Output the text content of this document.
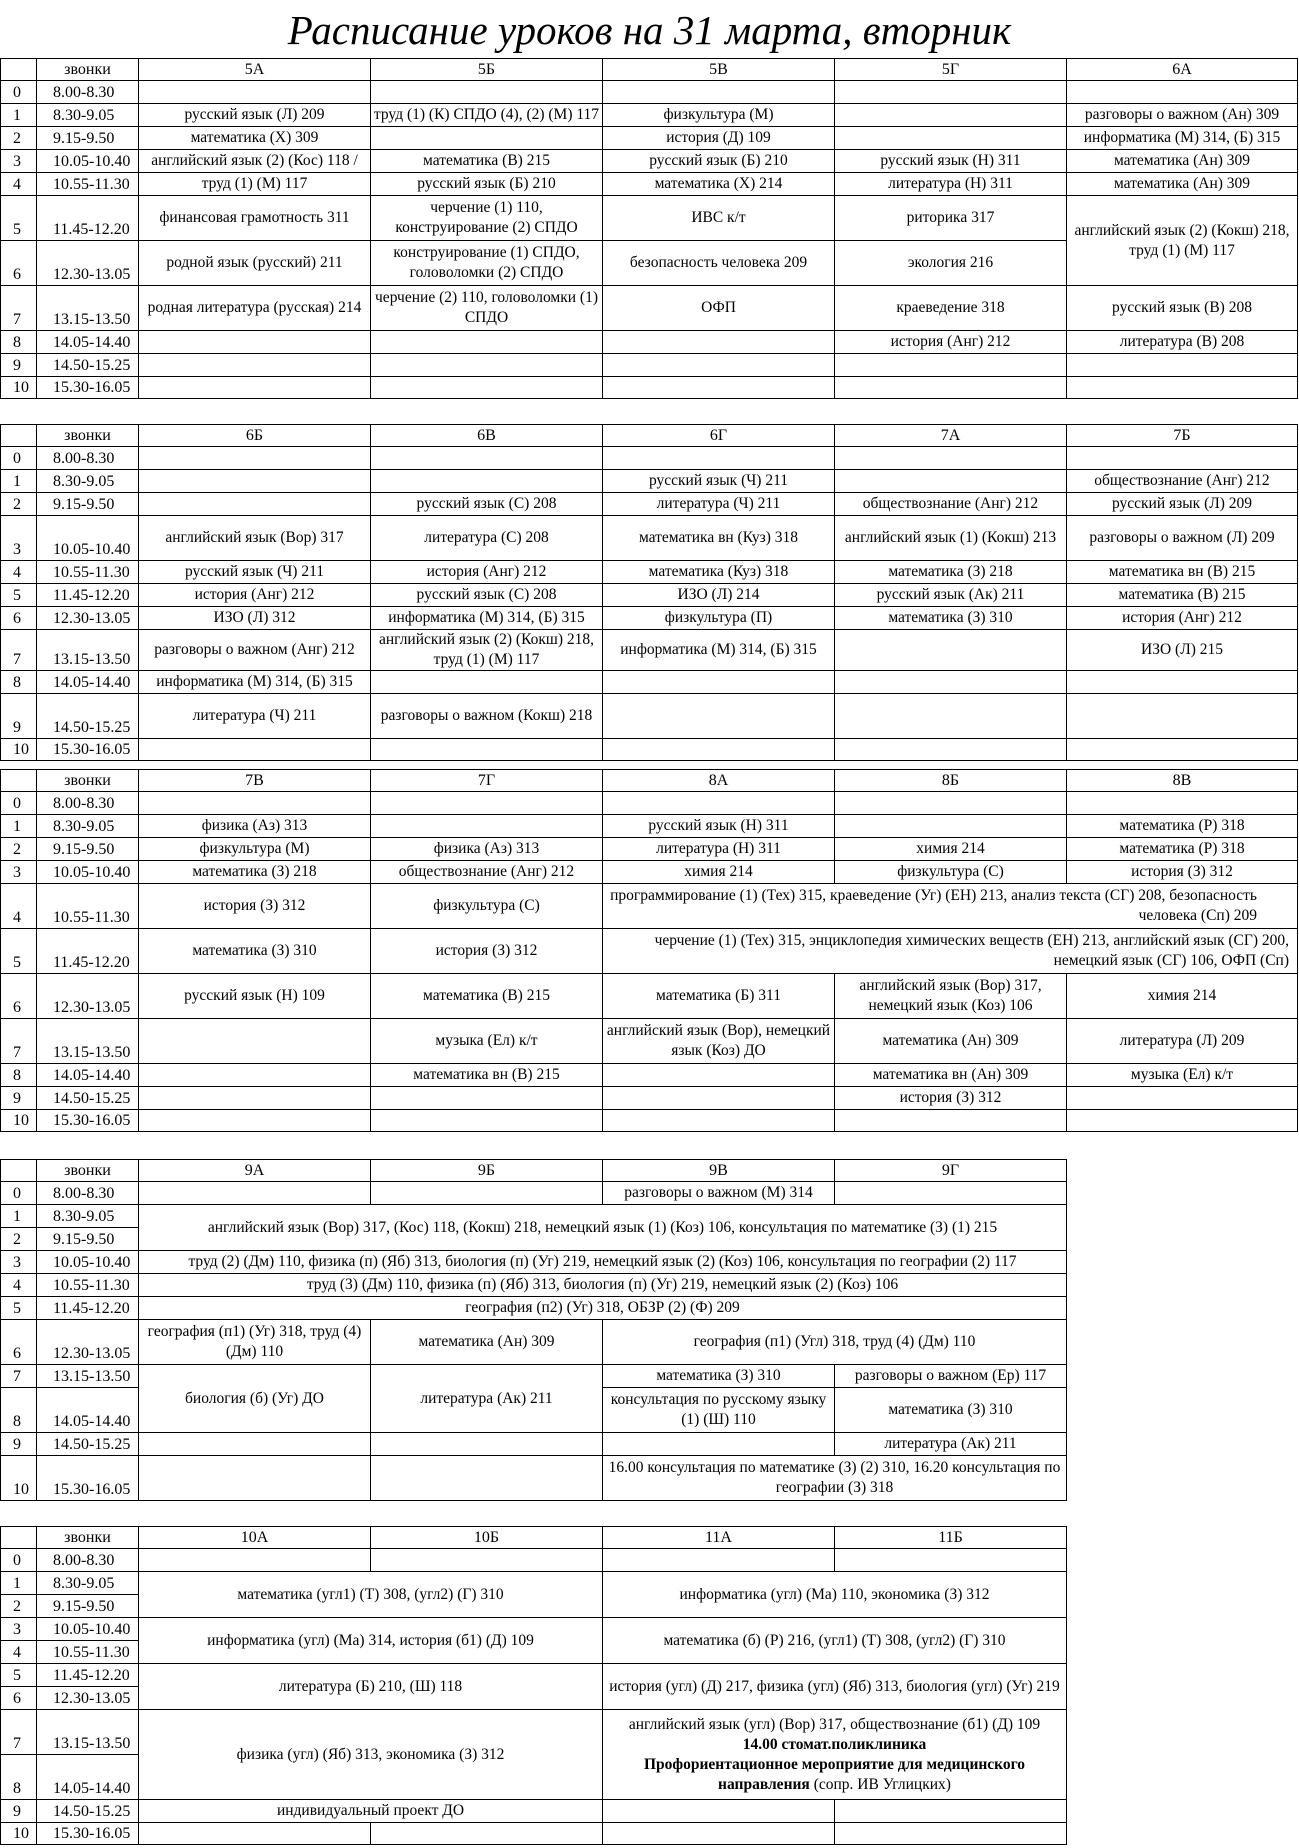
Расписание уроков на 31 марта, вторник
	звонки	5А	5Б	5В	5Г	6А
0	8.00-8.30					
1	8.30-9.05	русский язык (Л) 209	труд (1) (К) СПДО (4), (2) (М) 117	физкультура (М)		разговоры о важном (Ан) 309
2	9.15-9.50	математика (Х) 309		история (Д) 109		информатика (М) 314, (Б) 315
3	10.05-10.40	английский язык (2) (Кос) 118 /	математика (В) 215	русский язык (Б) 210	русский язык (Н) 311	математика (Ан) 309
4	10.55-11.30	труд (1) (М) 117	русский язык (Б) 210	математика (Х) 214	литература (Н) 311	математика (Ан) 309
5	11.45-12.20	финансовая грамотность 311	черчение (1) 110, конструирование (2) СПДО	ИВС к/т	риторика 317	английский язык (2) (Кокш) 218, труд (1) (М) 117
6	12.30-13.05	родной язык (русский) 211	конструирование (1) СПДО, головоломки (2) СПДО	безопасность человека 209	экология 216	
7	13.15-13.50	родная литература (русская) 214	черчение (2) 110, головоломки (1) СПДО	ОФП	краеведение 318	русский язык (В) 208
8	14.05-14.40				история (Анг) 212	литература (В) 208
9	14.50-15.25					
10	15.30-16.05					
	звонки	6Б	6В	6Г	7А	7Б
0	8.00-8.30					
1	8.30-9.05			русский язык (Ч) 211		обществознание (Анг) 212
2	9.15-9.50		русский язык (С) 208	литература (Ч) 211	обществознание (Анг) 212	русский язык (Л) 209
3	10.05-10.40	английский язык (Вор) 317	литература (С) 208	математика вн (Куз) 318	английский язык (1) (Кокш) 213	разговоры о важном (Л) 209
4	10.55-11.30	русский язык (Ч) 211	история (Анг) 212	математика (Куз) 318	математика (З) 218	математика вн (В) 215
5	11.45-12.20	история (Анг) 212	русский язык (С) 208	ИЗО (Л) 214	русский язык (Ак) 211	математика (В) 215
6	12.30-13.05	ИЗО (Л) 312	информатика (М) 314, (Б) 315	физкультура (П)	математика (З) 310	история (Анг) 212
7	13.15-13.50	разговоры о важном (Анг) 212	английский язык (2) (Кокш) 218, труд (1) (М) 117	информатика (М) 314, (Б) 315		ИЗО (Л) 215
8	14.05-14.40	информатика (М) 314, (Б) 315				
9	14.50-15.25	литература (Ч) 211	разговоры о важном (Кокш) 218			
10	15.30-16.05					
	звонки	7В	7Г	8А	8Б	8В
0	8.00-8.30					
1	8.30-9.05	физика (Аз) 313		русский язык (Н) 311		математика (Р) 318
2	9.15-9.50	физкультура (М)	физика (Аз) 313	литература (Н) 311	химия 214	математика (Р) 318
3	10.05-10.40	математика (З) 218	обществознание (Анг) 212	химия 214	физкультура (С)	история (З) 312
4	10.55-11.30	история (З) 312	физкультура (С)	программирование (1) (Тех) 315, краеведение (Уг) (ЕН) 213, анализ текста (СГ) 208, безопасность человека (Сп) 209		
5	11.45-12.20	математика (З) 310	история (З) 312	черчение (1) (Тех) 315, энциклопедия химических веществ (ЕН) 213, английский язык (СГ) 200, немецкий язык (СГ) 106, ОФП (Сп)		
6	12.30-13.05	русский язык (Н) 109	математика (В) 215	математика (Б) 311	английский язык (Вор) 317, немецкий язык (Коз) 106	химия 214
7	13.15-13.50		музыка (Ел) к/т	английский язык (Вор), немецкий язык (Коз) ДО	математика (Ан) 309	литература (Л) 209
8	14.05-14.40		математика вн (В) 215		математика вн (Ан) 309	музыка (Ел) к/т
9	14.50-15.25				история (З) 312	
10	15.30-16.05					
	звонки	9А	9Б	9В	9Г
0	8.00-8.30			разговоры о важном (М) 314	
1	8.30-9.05	английский язык (Вор) 317, (Кос) 118, (Кокш) 218, немецкий язык (1) (Коз) 106, консультация по математике (З) (1) 215			
2	9.15-9.50				
3	10.05-10.40	труд (2) (Дм) 110, физика (п) (Яб) 313, биология (п) (Уг) 219, немецкий язык (2) (Коз) 106, консультация по географии (2) 117			
4	10.55-11.30	труд (3) (Дм) 110, физика (п) (Яб) 313, биология (п) (Уг) 219, немецкий язык (2) (Коз) 106			
5	11.45-12.20	география (п2) (Уг) 318, ОБЗР (2) (Ф) 209			
6	12.30-13.05	география (п1) (Уг) 318, труд (4) (Дм) 110	математика (Ан) 309	география (п1) (Угл) 318, труд (4) (Дм) 110	
7	13.15-13.50	биология (б) (Уг) ДО	литература (Ак) 211	математика (З) 310	разговоры о важном (Ер) 117
8	14.05-14.40			консультация по русскому языку (1) (Ш) 110	математика (З) 310
9	14.50-15.25				литература (Ак) 211
10	15.30-16.05			16.00 консультация по математике (З) (2) 310, 16.20 консультация по географии (З) 318	
	звонки	10А	10Б	11А	11Б
0	8.00-8.30				
1	8.30-9.05	математика (угл1) (Т) 308, (угл2) (Г) 310		информатика (угл) (Ма) 110, экономика (З) 312	
2	9.15-9.50				
3	10.05-10.40	информатика (угл) (Ма) 314, история (б1) (Д) 109		математика (б) (Р) 216, (угл1) (Т) 308, (угл2) (Г) 310	
4	10.55-11.30				
5	11.45-12.20	литература (Б) 210, (Ш) 118		история (угл) (Д) 217, физика (угл) (Яб) 313, биология (угл) (Уг) 219	
6	12.30-13.05				
7	13.15-13.50	физика (угл) (Яб) 313, экономика (З) 312		английский язык (угл) (Вор) 317, обществознание (б1) (Д) 109
14.00 стомат.поликлиника
Профориентационное мероприятие для медицинского направления (сопр. ИВ Углицких)	
8	14.05-14.40				
9	14.50-15.25	индивидуальный проект ДО			
10	15.30-16.05				
